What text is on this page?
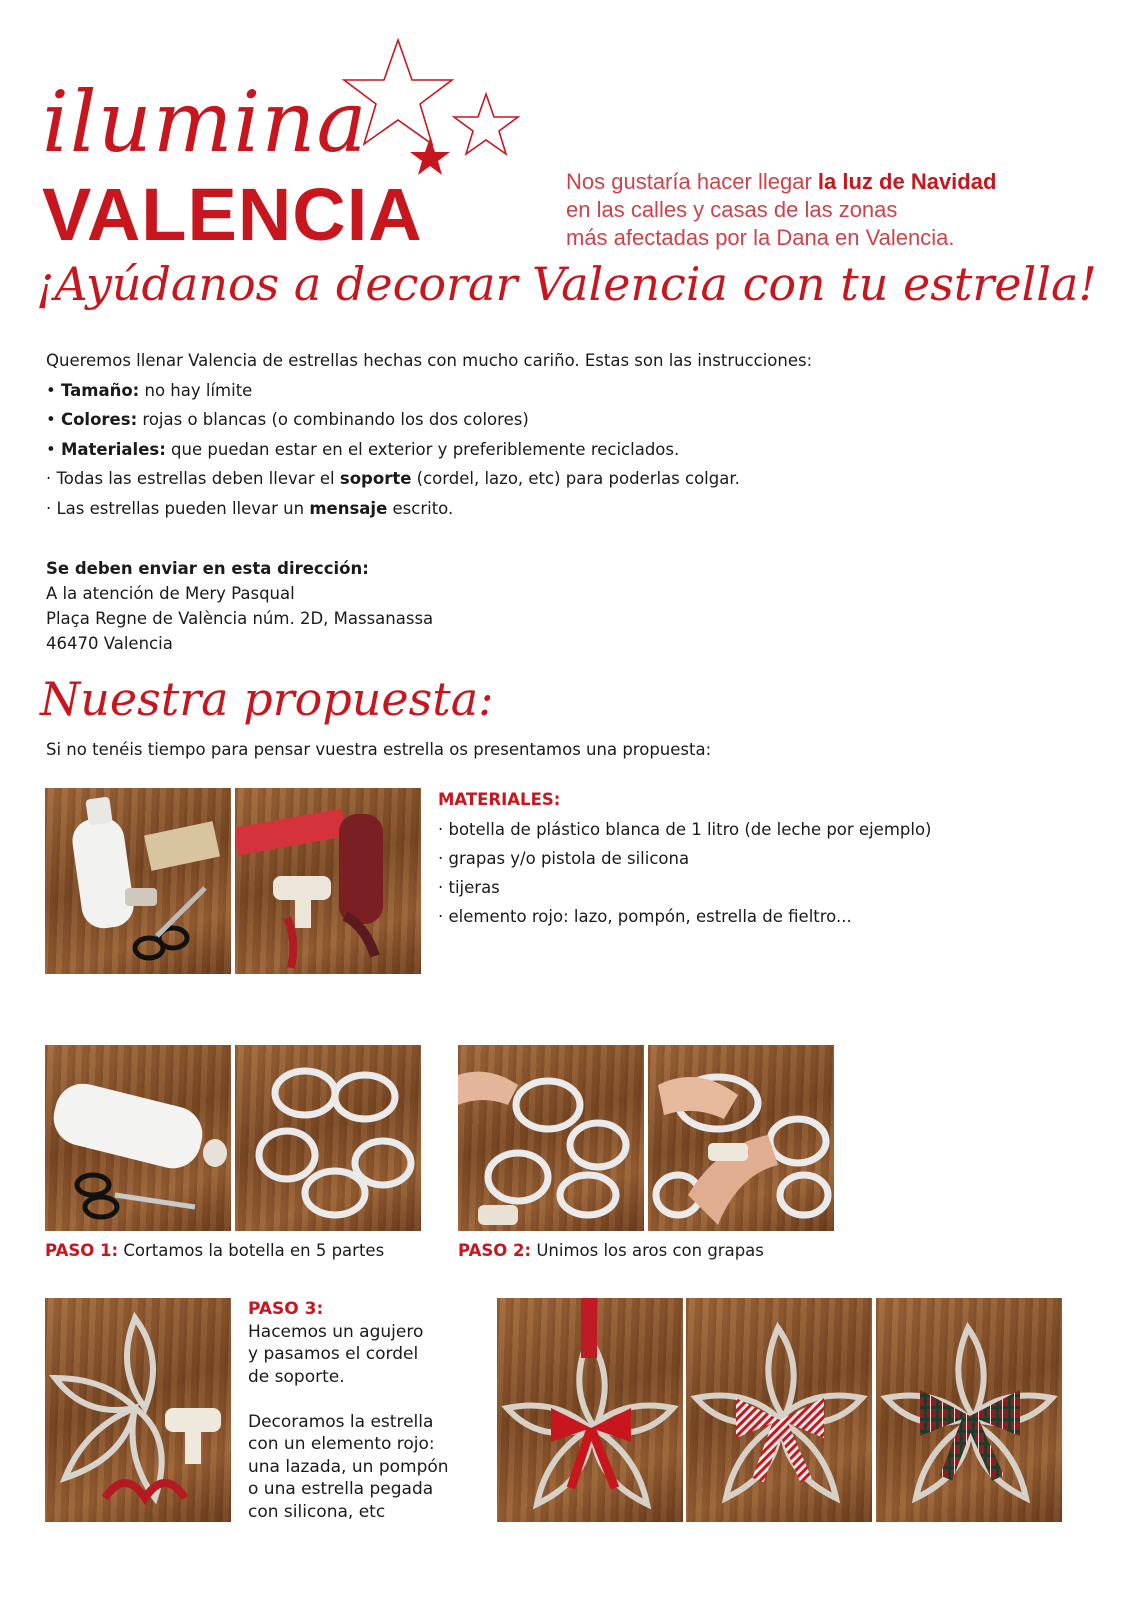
ilumina
VALENCIA	Nos gustaría hacer llegar la luz de Navidad
en las calles y casas de las zonas
más afectadas por la Dana en Valencia.
¡Ayúdanos a decorar Valencia con tu estrella!

Queremos llenar Valencia de estrellas hechas con mucho cariño. Estas son las instrucciones:

• Tamaño: no hay límite

• Colores: rojas o blancas (o combinando los dos colores)

• Materiales: que puedan estar en el exterior y preferiblemente reciclados.

· Todas las estrellas deben llevar el soporte (cordel, lazo, etc) para poderlas colgar.

· Las estrellas pueden llevar un mensaje escrito.

Se deben enviar en esta dirección:

A la atención de Mery Pasqual

Plaça Regne de València núm. 2D, Massanassa

46470 Valencia

Nuestra propuesta:
Si no tenéis tiempo para pensar vuestra estrella os presentamos una propuesta:
MATERIALES:

· botella de plástico blanca de 1 litro (de leche por ejemplo)

· grapas y/o pistola de silicona

· tijeras

· elemento rojo: lazo, pompón, estrella de fieltro...

PASO 1: Cortamos la botella en 5 partes	PASO 2: Unimos los aros con grapas

PASO 3:

Hacemos un agujero

y pasamos el cordel

de soporte.

Decoramos la estrella

con un elemento rojo:

una lazada, un pompón

o una estrella pegada

con silicona, etc
